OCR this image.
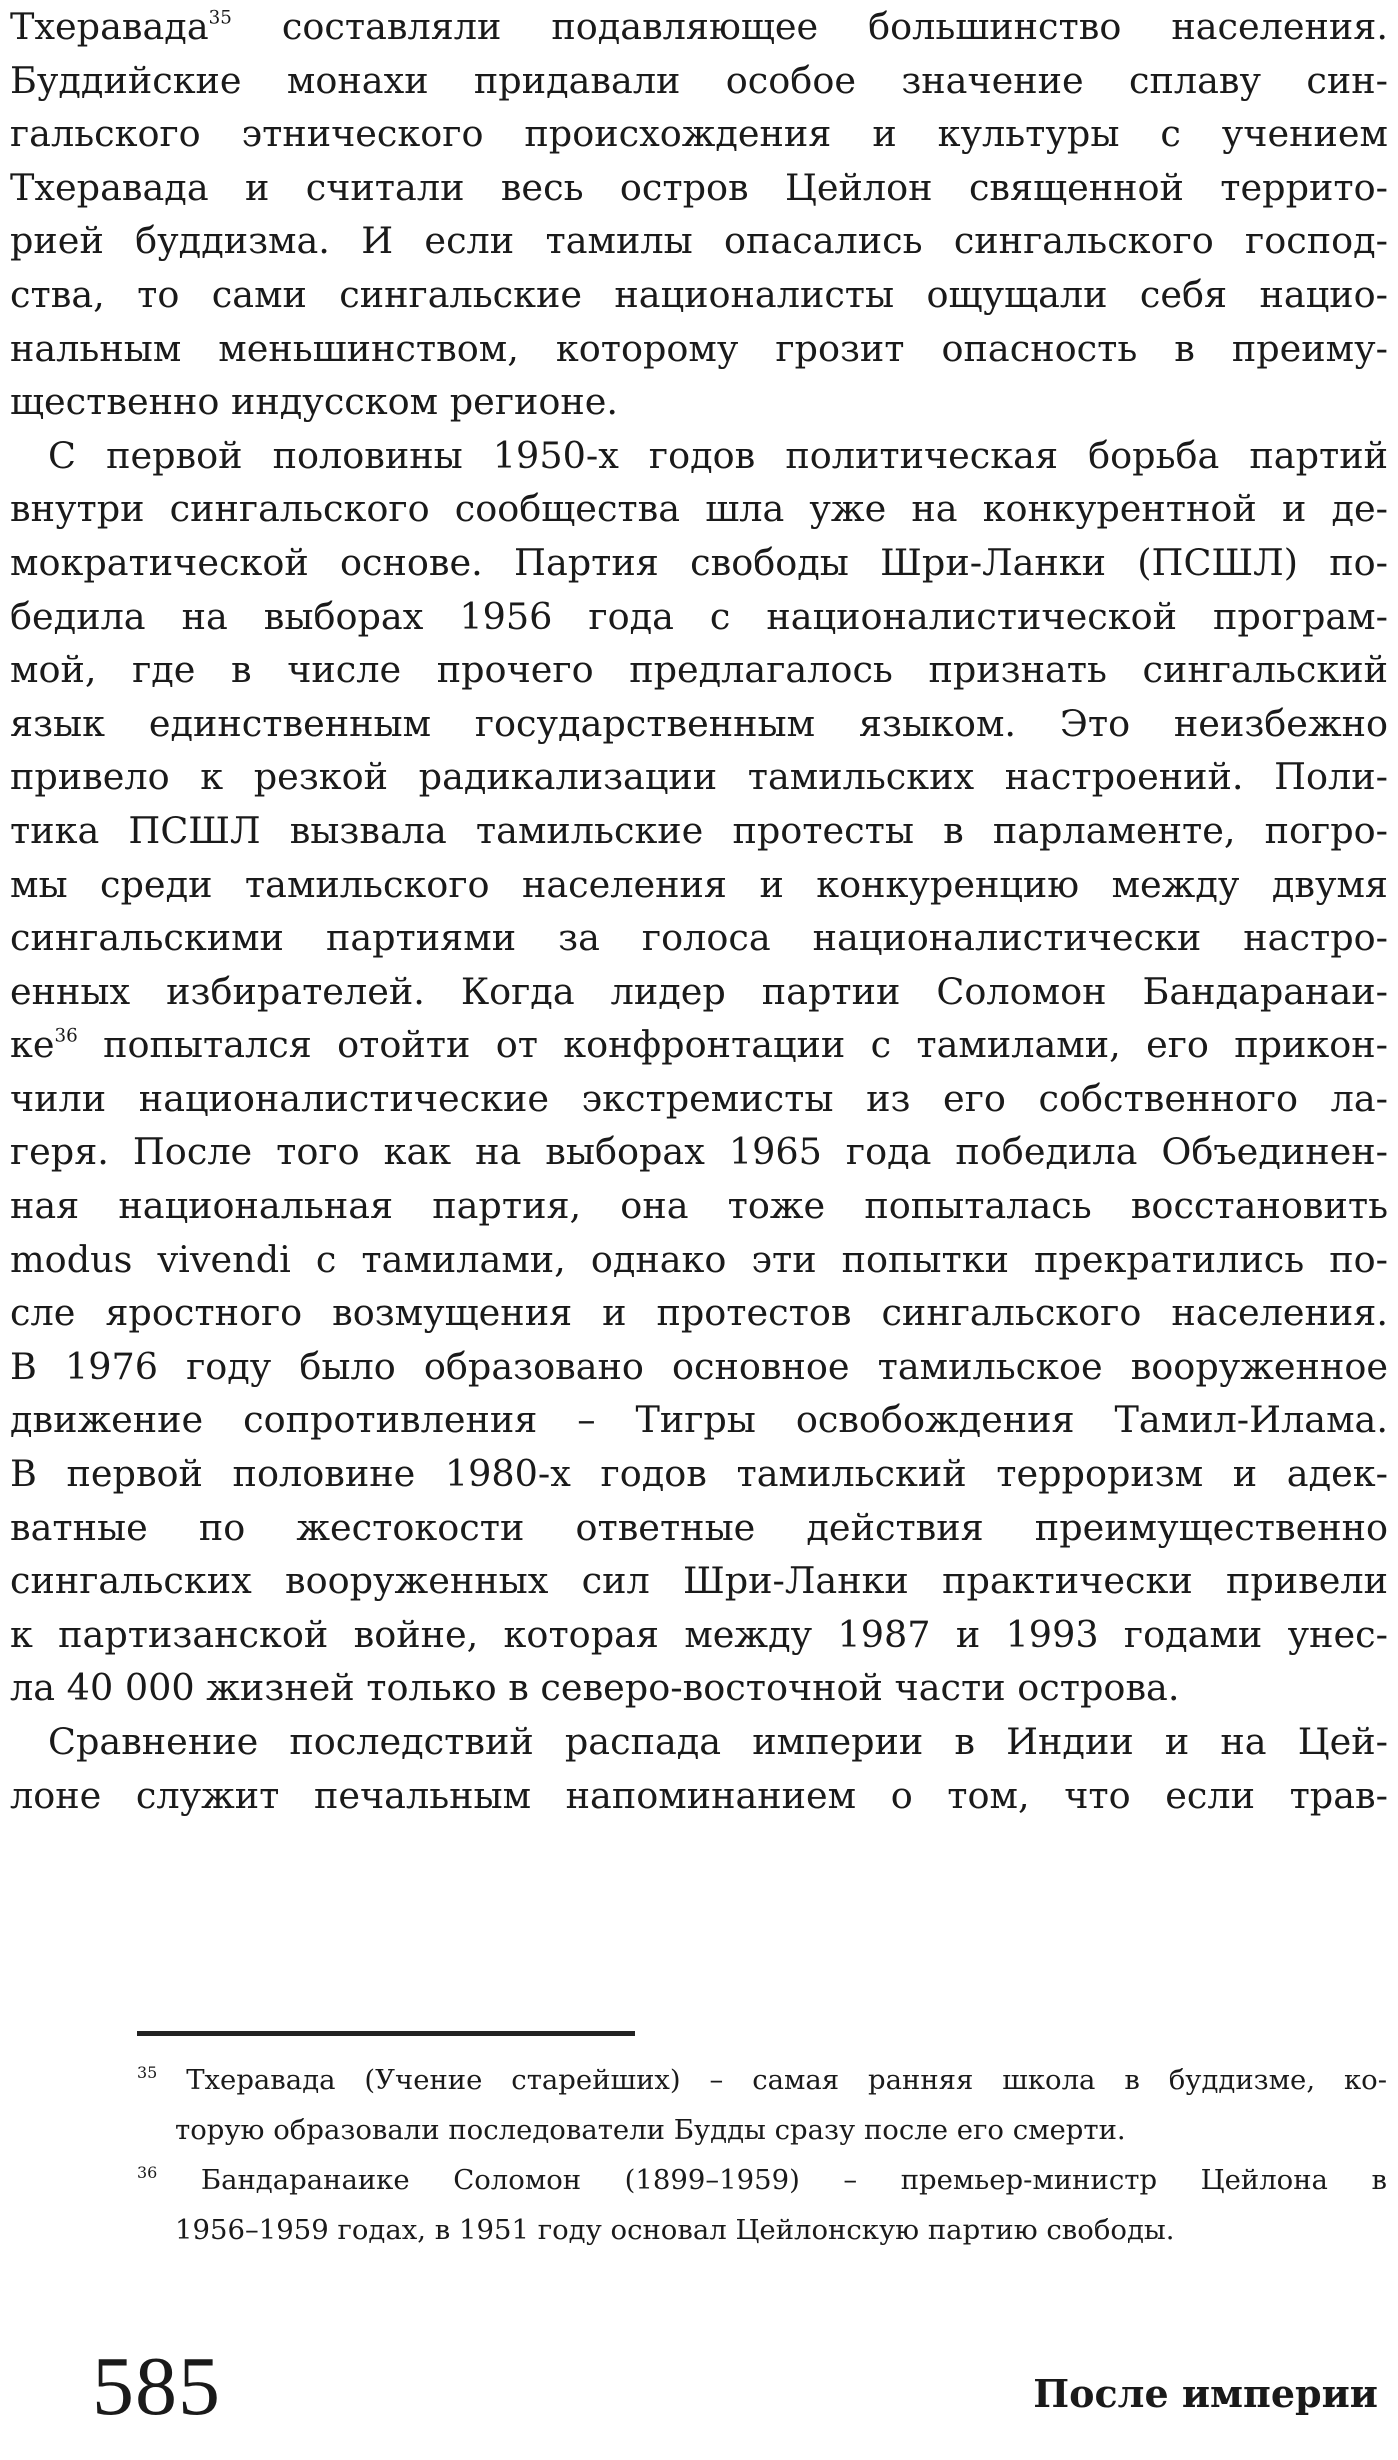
Тхеравада$^{35}$ составляли подавляющее большинство населения.
Буддийские монахи придавали особое значение сплаву син-
гальского этнического происхождения и культуры с учением
Тхеравада и считали весь остров Цейлон священной террито-
рией буддизма. И если тамилы опасались сингальского господ-
ства, то сами сингальские националисты ощущали себя нацио-
нальным меньшинством, которому грозит опасность в преиму-
щественно индусском регионе.
С первой половины 1950-х годов политическая борьба партий
внутри сингальского сообщества шла уже на конкурентной и де-
мократической основе. Партия свободы Шри-Ланки (ПСШЛ) по-
бедила на выборах 1956 года с националистической програм-
мой, где в числе прочего предлагалось признать сингальский
язык единственным государственным языком. Это неизбежно
привело к резкой радикализации тамильских настроений. Поли-
тика ПСШЛ вызвала тамильские протесты в парламенте, погро-
мы среди тамильского населения и конкуренцию между двумя
сингальскими партиями за голоса националистически настро-
енных избирателей. Когда лидер партии Соломон Бандаранаи-
$ке^{36}$ попытался отойти от конфронтации с тамилами, его прикон-
чили националистические экстремисты из его собственного ла-
геря. После того как на выборах 1965 года победила Объединен-
ная национальная партия, она тоже попыталась восстановить
modus vivendi с тамилами, однако эти попытки прекратились по-
сле яростного возмущения и протестов сингальского населения.
В 1976 году было образовано основное тамильское вооруженное
движение сопротивления – Тигры освобождения Тамил-Илама.
В первой половине 1980-х годов тамильский терроризм и адек-
ватные по жестокости ответные действия преимущественно
сингальских вооруженных сил Шри-Ланки практически привели
к партизанской войне, которая между 1987 и 1993 годами унес-
ла 40 000 жизней только в северо-восточной части острова.
Сравнение последствий распада империи в Индии и на Цей-
лоне служит печальным напоминанием о том, что если трав-
$^{35}$ Тхеравада (Учение старейших) – самая ранняя школа в буддизме, ко-
торую образовали последователи Будды сразу после его смерти.
$^{36}$ Бандаранаике Соломон (1899–1959) – премьер-министр Цейлона в
1956–1959 годах, в 1951 году основал Цейлонскую партию свободы.
585	После империи
